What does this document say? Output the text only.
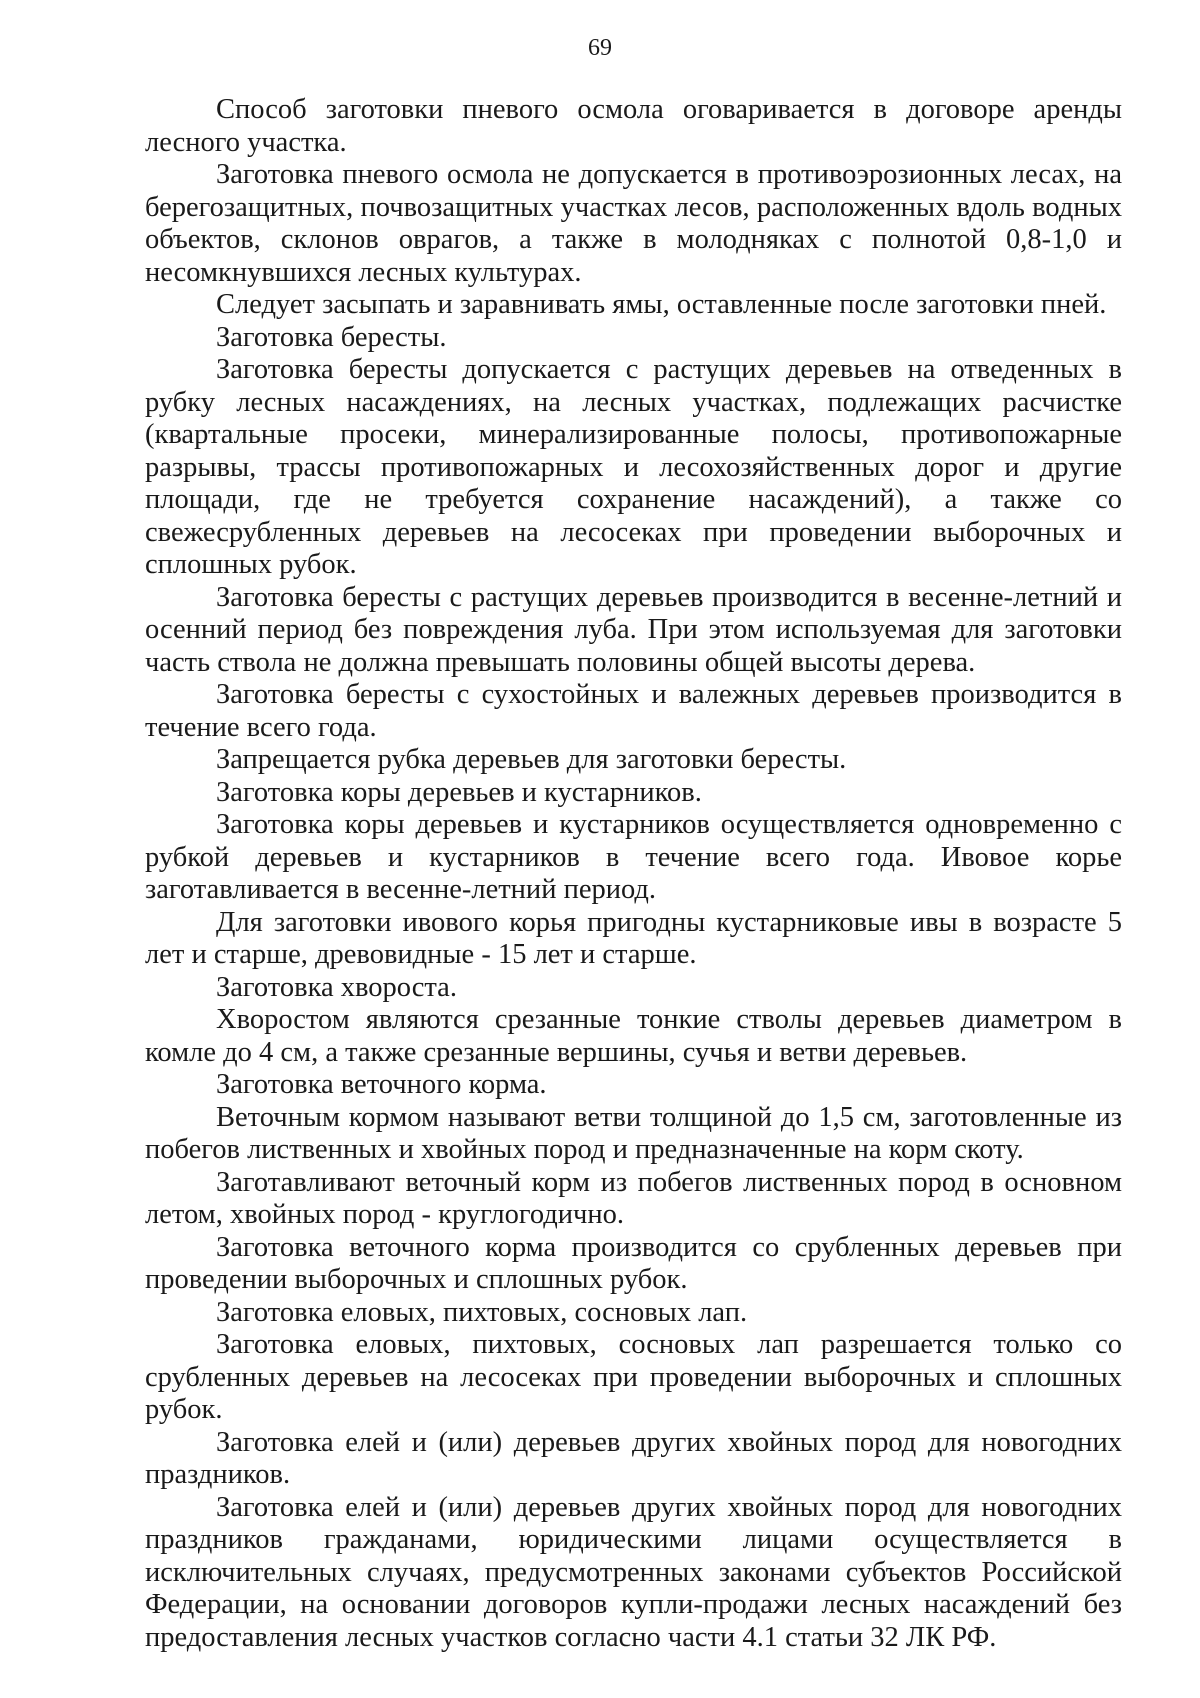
69

Способ заготовки пневого осмола оговаривается в договоре аренды лесного участка.

Заготовка пневого осмола не допускается в противоэрозионных лесах, на берегозащитных, почвозащитных участках лесов, расположенных вдоль водных объектов, склонов оврагов, а также в молодняках с полнотой 0,8-1,0 и несомкнувшихся лесных культурах.

Следует засыпать и заравнивать ямы, оставленные после заготовки пней.

Заготовка бересты.

Заготовка бересты допускается с растущих деревьев на отведенных в рубку лесных насаждениях, на лесных участках, подлежащих расчистке (квартальные просеки, минерализированные полосы, противопожарные разрывы, трассы противопожарных и лесохозяйственных дорог и другие площади, где не требуется сохранение насаждений), а также со свежесрубленных деревьев на лесосеках при проведении выборочных и сплошных рубок.

Заготовка бересты с растущих деревьев производится в весенне-летний и осенний период без повреждения луба. При этом используемая для заготовки часть ствола не должна превышать половины общей высоты дерева.

Заготовка бересты с сухостойных и валежных деревьев производится в течение всего года.

Запрещается рубка деревьев для заготовки бересты.

Заготовка коры деревьев и кустарников.

Заготовка коры деревьев и кустарников осуществляется одновременно с рубкой деревьев и кустарников в течение всего года. Ивовое корье заготавливается в весенне-летний период.

Для заготовки ивового корья пригодны кустарниковые ивы в возрасте 5 лет и старше, древовидные - 15 лет и старше.

Заготовка хвороста.

Хворостом являются срезанные тонкие стволы деревьев диаметром в комле до 4 см, а также срезанные вершины, сучья и ветви деревьев.

Заготовка веточного корма.

Веточным кормом называют ветви толщиной до 1,5 см, заготовленные из побегов лиственных и хвойных пород и предназначенные на корм скоту.

Заготавливают веточный корм из побегов лиственных пород в основном летом, хвойных пород - круглогодично.

Заготовка веточного корма производится со срубленных деревьев при проведении выборочных и сплошных рубок.

Заготовка еловых, пихтовых, сосновых лап.

Заготовка еловых, пихтовых, сосновых лап разрешается только со срубленных деревьев на лесосеках при проведении выборочных и сплошных рубок.

Заготовка елей и (или) деревьев других хвойных пород для новогодних праздников.

Заготовка елей и (или) деревьев других хвойных пород для новогодних праздников гражданами, юридическими лицами осуществляется в исключительных случаях, предусмотренных законами субъектов Российской Федерации, на основании договоров купли-продажи лесных насаждений без предоставления лесных участков согласно части 4.1 статьи 32 ЛК РФ.
